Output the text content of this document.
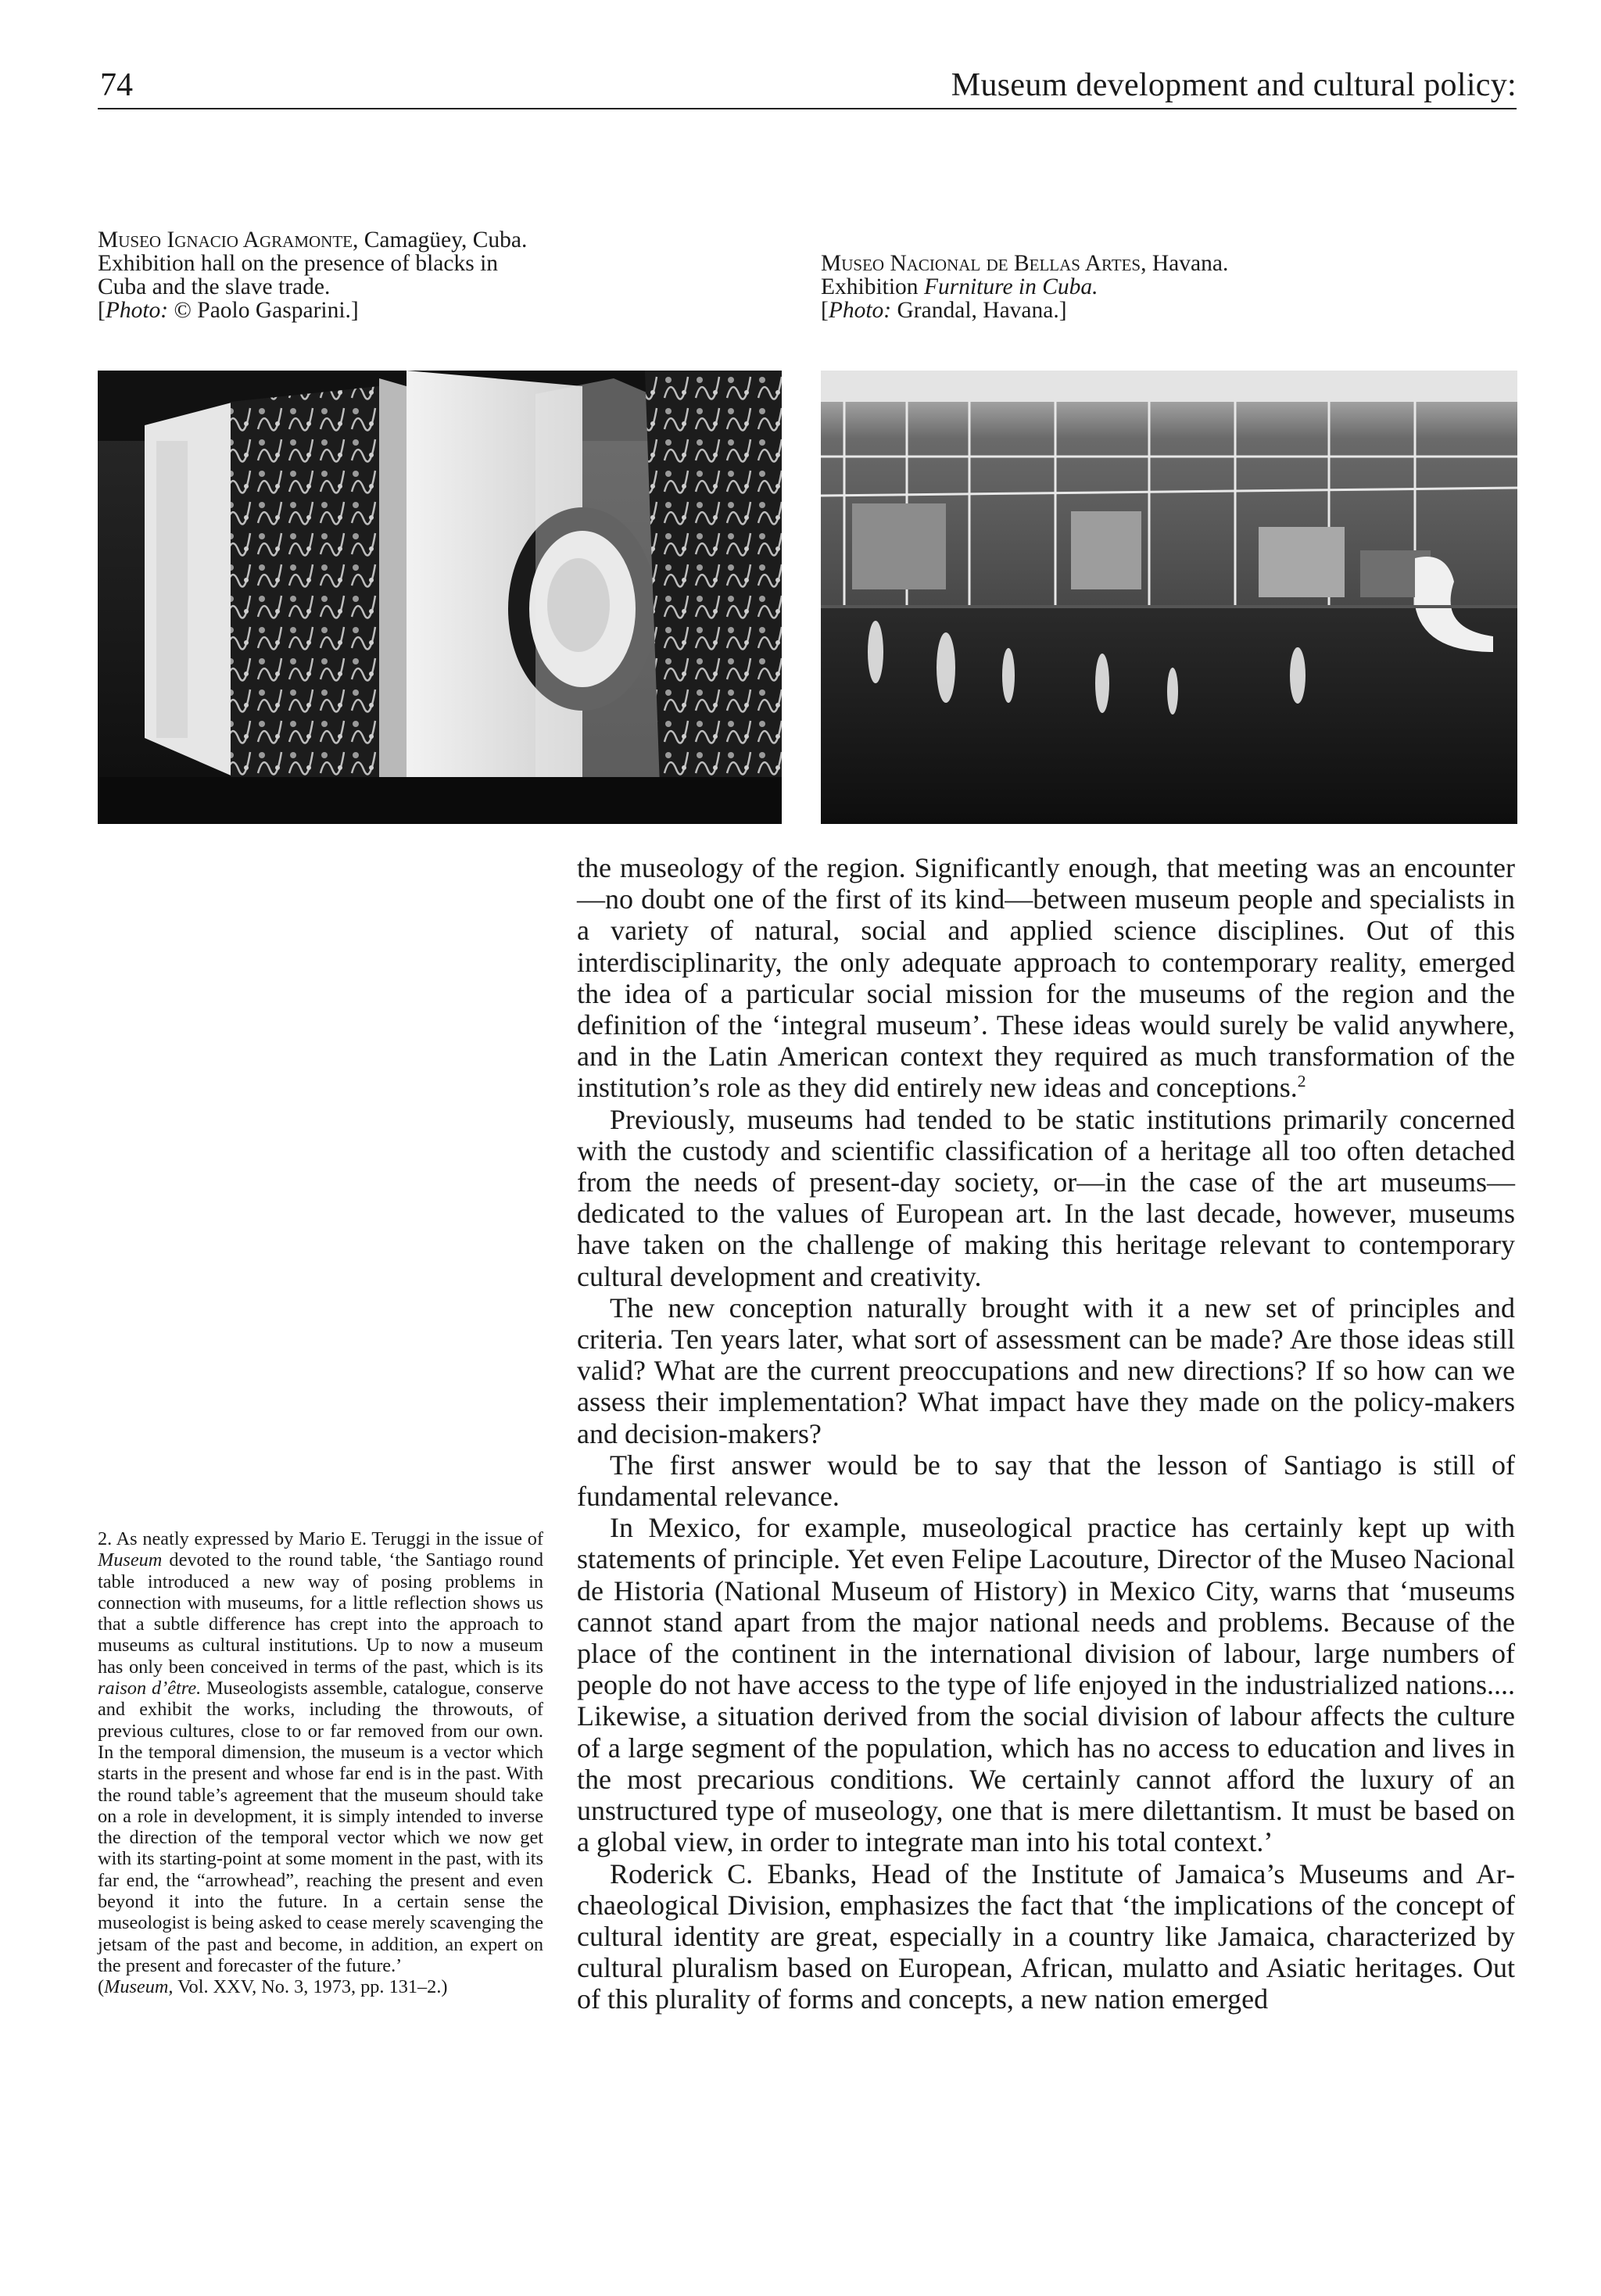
74	Museum development and cultural policy:

Museo Ignacio Agramonte, Camagüey, Cuba. Exhibition hall on the presence of blacks in Cuba and the slave trade.

[Photo: © Paolo Gasparini.]

Museo Nacional de Bellas Artes, Havana.

Exhibition Furniture in Cuba.

[Photo: Grandal, Havana.]

2. As neatly expressed by Mario E. Teruggi in the issue of Museum devoted to the round table, ‘the Santiago round table introduced a new way of posing problems in connection with museums, for a little reflection shows us that a subtle difference has crept into the approach to museums as cultural institutions. Up to now a museum has only been conceived in terms of the past, which is its raison d’être. Museologists assemble, catalogue, conserve and exhibit the works, including the throwouts, of previous cultures, close to or far removed from our own. In the temporal dimension, the museum is a vector which starts in the present and whose far end is in the past. With the round table’s agreement that the museum should take on a role in development, it is simply intended to inverse the direction of the temporal vector which we now get with its starting-point at some moment in the past, with its far end, the “arrowhead”, reaching the present and even beyond it into the future. In a certain sense the museologist is being asked to cease merely scavenging the jetsam of the past and become, in addition, an expert on the present and forecaster of the future.’

(Museum, Vol. XXV, No. 3, 1973, pp. 131–2.)

the museology of the region. Significantly enough, that meeting was an encounter—no doubt one of the first of its kind—between museum people and specialists in a variety of natural, social and applied science disciplines. Out of this interdisciplinarity, the only adequate approach to contemporary reality, emerged the idea of a particular social mission for the museums of the region and the definition of the ‘integral museum’. These ideas would surely be valid anywhere, and in the Latin American context they required as much transformation of the institution’s role as they did entirely new ideas and conceptions.$^2$

Previously, museums had tended to be static institutions primarily concerned with the custody and scientific classification of a heritage all too often detached from the needs of present-day society, or—in the case of the art museums—dedicated to the values of European art. In the last decade, however, museums have taken on the challenge of making this heritage relevant to contemporary cultural development and creativity.

The new conception naturally brought with it a new set of principles and criteria. Ten years later, what sort of assessment can be made? Are those ideas still valid? What are the current preoccupations and new directions? If so how can we assess their implementation? What impact have they made on the policy-makers and decision-makers?

The first answer would be to say that the lesson of Santiago is still of fundamental relevance.

In Mexico, for example, museological practice has certainly kept up with statements of principle. Yet even Felipe Lacouture, Director of the Museo Nacional de Historia (National Museum of History) in Mexico City, warns that ‘museums cannot stand apart from the major national needs and problems. Because of the place of the continent in the international division of labour, large numbers of people do not have access to the type of life enjoyed in the industrialized nations.... Likewise, a situation derived from the social division of labour affects the culture of a large segment of the population, which has no access to education and lives in the most precarious conditions. We certainly cannot afford the luxury of an unstructured type of museology, one that is mere dilettantism. It must be based on a global view, in order to integrate man into his total context.’

Roderick C. Ebanks, Head of the Institute of Jamaica’s Museums and Archaeological Division, emphasizes the fact that ‘the implications of the concept of cultural identity are great, especially in a country like Jamaica, characterized by cultural pluralism based on European, African, mulatto and Asiatic heritages. Out of this plurality of forms and concepts, a new nation emerged
